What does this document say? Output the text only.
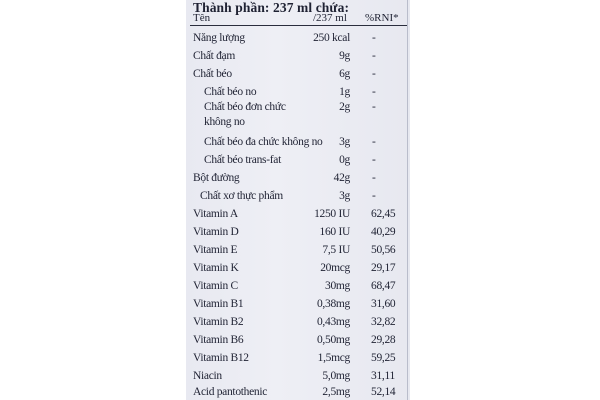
Thành phần: 237 ml chứa:
Tên	/237 ml %RNI*
Năng lượng	250 kcal -
Chất đạm	9g -
Chất béo	6g -
Chất béo no	1g -
Chất béo đơn chức
không no
2g -
Chất béo đa chức không no 3g -
Chất béo trans-fat	0g -
Bột đường	42g -
Chất xơ thực phẩm	3g -
Vitamin A	1250 IU 62,45
Vitamin D	160 IU 40,29
Vitamin E	7,5 IU 50,56
Vitamin K	20mcg 29,17
Vitamin C	30mg 68,47
Vitamin B1	0,38mg 31,60
Vitamin B2	0,43mg 32,82
Vitamin B6	0,50mg 29,28
Vitamin B12	1,5mcg 59,25
Niacin	5,0mg 31,11
Acid pantothenic	2,5mg 52,14
